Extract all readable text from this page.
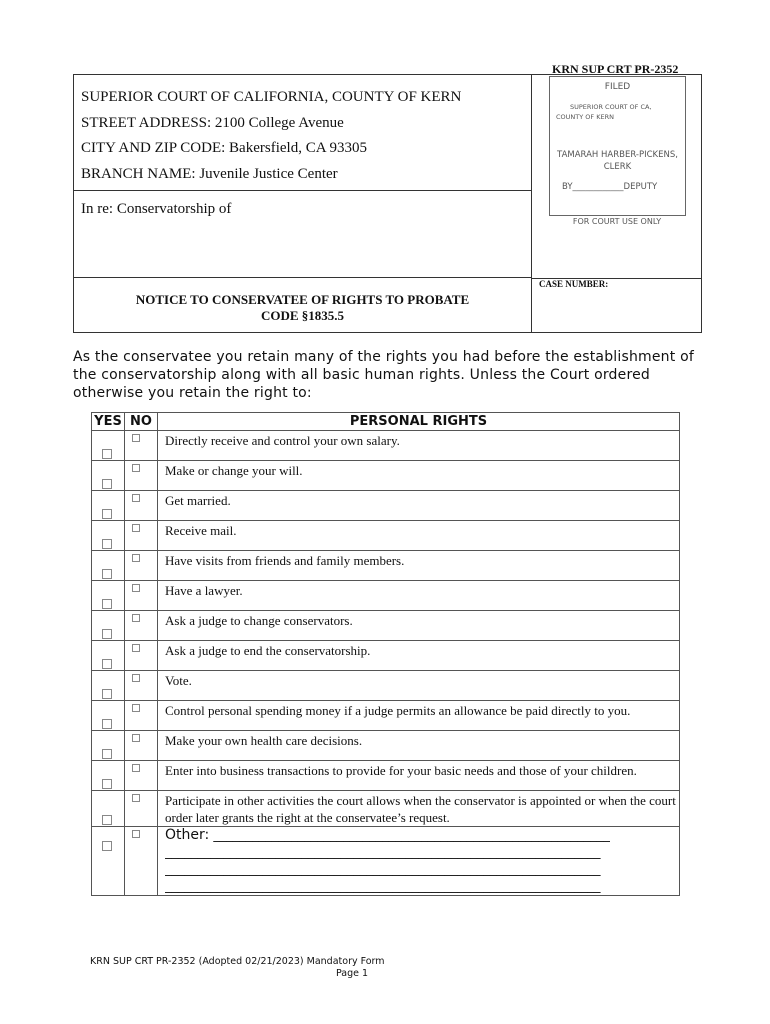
KRN SUP CRT PR-2352
SUPERIOR COURT OF CALIFORNIA, COUNTY OF KERN
STREET ADDRESS: 2100 College Avenue
CITY AND ZIP CODE: Bakersfield, CA 93305
BRANCH NAME: Juvenile Justice Center
In re: Conservatorship of
NOTICE TO CONSERVATEE OF RIGHTS TO PROBATE
CODE §1835.5
CASE NUMBER:
FILED
SUPERIOR COURT OF CA, COUNTY OF KERN
TAMARAH HARBER-PICKENS,
CLERK
BY____________DEPUTY
FOR COURT USE ONLY
As the conservatee you retain many of the rights you had before the establishment of the conservatorship along with all basic human rights. Unless the Court ordered otherwise you retain the right to:
YES	NO	PERSONAL RIGHTS

	Directly receive and control your own salary.

	Make or change your will.

	Get married.

	Receive mail.

	Have visits from friends and family members.

	Have a lawyer.

	Ask a judge to change conservators.

	Ask a judge to end the conservatorship.

	Vote.

	Control personal spending money if a judge permits an allowance be paid directly to you.

	Make your own health care decisions.

	Enter into business transactions to provide for your basic needs and those of your children.

	Participate in other activities the court allows when the conservator is appointed or when the court order later grants the right at the conservatee’s request.

		Other: _____________________________________________________________
___________________________________________________________________
___________________________________________________________________
___________________________________________________________________
KRN SUP CRT PR-2352 (Adopted 02/21/2023) Mandatory Form
Page 1
